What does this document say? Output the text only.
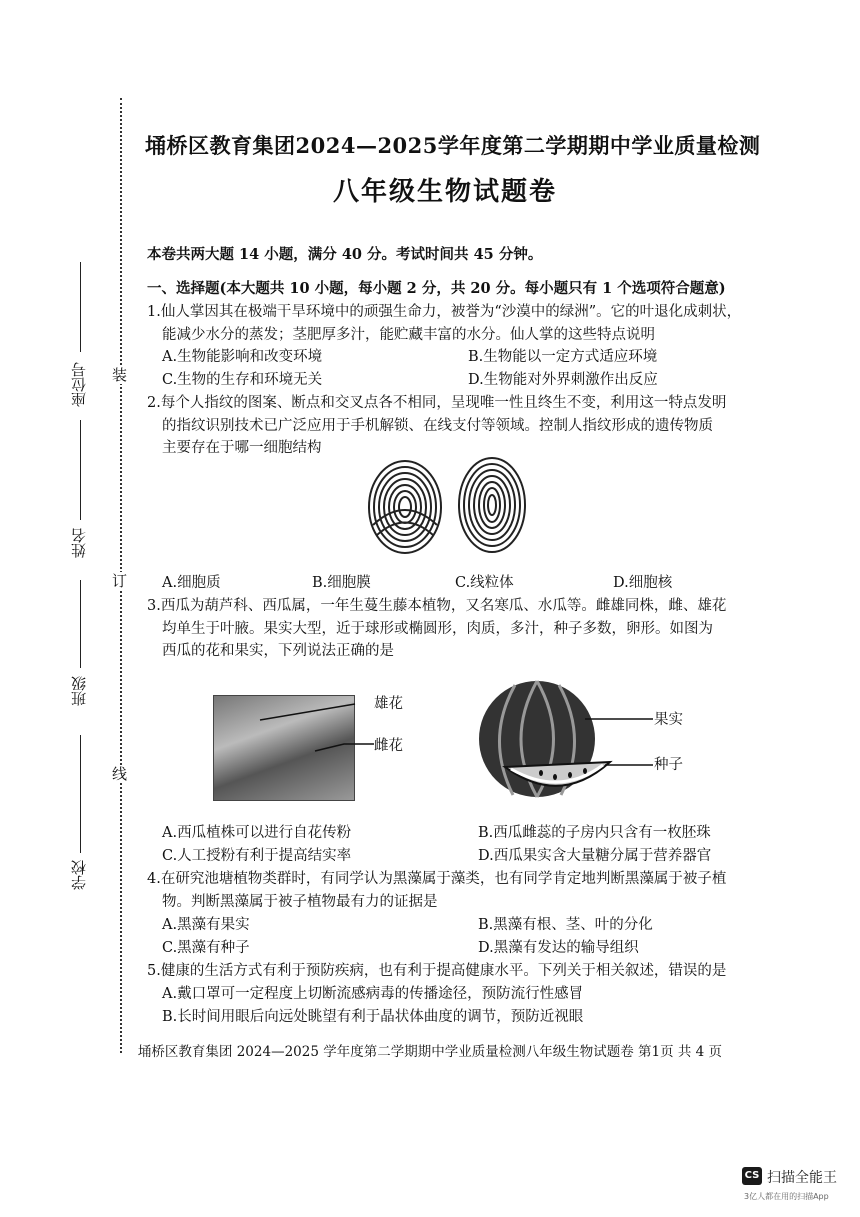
装
订
线
座位号
姓名
班级
学校
埇桥区教育集团2024—2025学年度第二学期期中学业质量检测
八年级生物试题卷
本卷共两大题 14 小题，满分 40 分。考试时间共 45 分钟。
一、选择题(本大题共 10 小题，每小题 2 分，共 20 分。每小题只有 1 个选项符合题意)
1.仙人掌因其在极端干旱环境中的顽强生命力，被誉为“沙漠中的绿洲”。它的叶退化成刺状，
能减少水分的蒸发；茎肥厚多汁，能贮藏丰富的水分。仙人掌的这些特点说明
A.生物能影响和改变环境	B.生物能以一定方式适应环境
C.生物的生存和环境无关	D.生物能对外界刺激作出反应
2.每个人指纹的图案、断点和交叉点各不相同，呈现唯一性且终生不变，利用这一特点发明
的指纹识别技术已广泛应用于手机解锁、在线支付等领域。控制人指纹形成的遗传物质
主要存在于哪一细胞结构
A.细胞质	B.细胞膜	C.线粒体	D.细胞核
3.西瓜为葫芦科、西瓜属，一年生蔓生藤本植物，又名寒瓜、水瓜等。雌雄同株，雌、雄花
均单生于叶腋。果实大型，近于球形或椭圆形，肉质，多汁，种子多数，卵形。如图为
西瓜的花和果实，下列说法正确的是
雄花
雌花
果实
种子
A.西瓜植株可以进行自花传粉	B.西瓜雌蕊的子房内只含有一枚胚珠
C.人工授粉有利于提高结实率	D.西瓜果实含大量糖分属于营养器官
4.在研究池塘植物类群时，有同学认为黑藻属于藻类，也有同学肯定地判断黑藻属于被子植
物。判断黑藻属于被子植物最有力的证据是
A.黑藻有果实	B.黑藻有根、茎、叶的分化
C.黑藻有种子	D.黑藻有发达的输导组织
5.健康的生活方式有利于预防疾病，也有利于提高健康水平。下列关于相关叙述，错误的是
A.戴口罩可一定程度上切断流感病毒的传播途径，预防流行性感冒
B.长时间用眼后向远处眺望有利于晶状体曲度的调节，预防近视眼
埇桥区教育集团 2024—2025 学年度第二学期期中学业质量检测八年级生物试题卷 第1页 共 4 页
CS 扫描全能王
3亿人都在用的扫描App
